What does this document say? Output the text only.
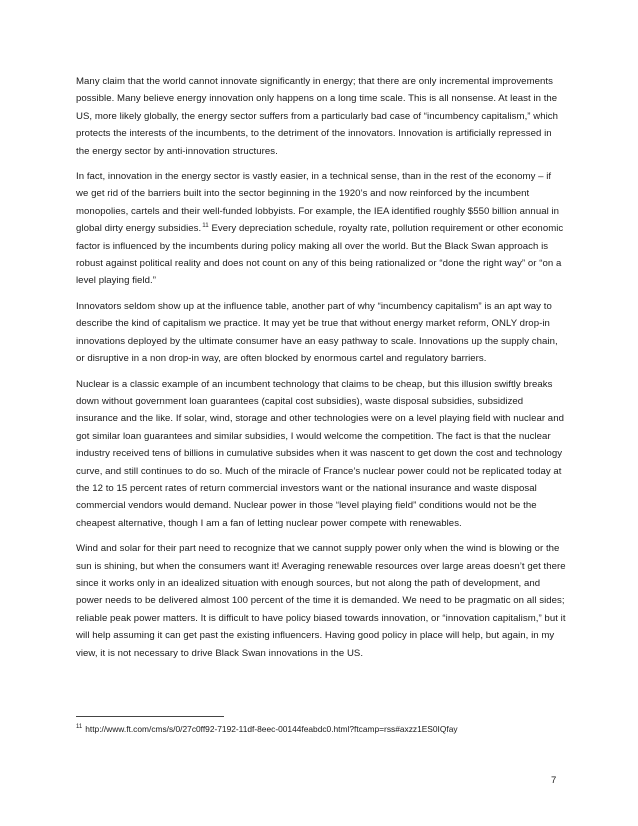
Many claim that the world cannot innovate significantly in energy; that there are only incremental improvements possible. Many believe energy innovation only happens on a long time scale. This is all nonsense. At least in the US, more likely globally, the energy sector suffers from a particularly bad case of “incumbency capitalism,” which protects the interests of the incumbents, to the detriment of the innovators. Innovation is artificially repressed in the energy sector by anti-innovation structures.

In fact, innovation in the energy sector is vastly easier, in a technical sense, than in the rest of the economy – if we get rid of the barriers built into the sector beginning in the 1920’s and now reinforced by the incumbent monopolies, cartels and their well-funded lobbyists. For example, the IEA identified roughly $550 billion annual in global dirty energy subsidies.$^{11}$ Every depreciation schedule, royalty rate, pollution requirement or other economic factor is influenced by the incumbents during policy making all over the world. But the Black Swan approach is robust against political reality and does not count on any of this being rationalized or “done the right way” or “on a level playing field.”

Innovators seldom show up at the influence table, another part of why “incumbency capitalism” is an apt way to describe the kind of capitalism we practice. It may yet be true that without energy market reform, ONLY drop-in innovations deployed by the ultimate consumer have an easy pathway to scale. Innovations up the supply chain, or disruptive in a non drop-in way, are often blocked by enormous cartel and regulatory barriers.

Nuclear is a classic example of an incumbent technology that claims to be cheap, but this illusion swiftly breaks down without government loan guarantees (capital cost subsidies), waste disposal subsidies, subsidized insurance and the like. If solar, wind, storage and other technologies were on a level playing field with nuclear and got similar loan guarantees and similar subsidies, I would welcome the competition. The fact is that the nuclear industry received tens of billions in cumulative subsides when it was nascent to get down the cost and technology curve, and still continues to do so. Much of the miracle of France’s nuclear power could not be replicated today at the 12 to 15 percent rates of return commercial investors want or the national insurance and waste disposal commercial vendors would demand. Nuclear power in those “level playing field” conditions would not be the cheapest alternative, though I am a fan of letting nuclear power compete with renewables.

Wind and solar for their part need to recognize that we cannot supply power only when the wind is blowing or the sun is shining, but when the consumers want it! Averaging renewable resources over large areas doesn’t get there since it works only in an idealized situation with enough sources, but not along the path of development, and power needs to be delivered almost 100 percent of the time it is demanded. We need to be pragmatic on all sides; reliable peak power matters. It is difficult to have policy biased towards innovation, or “innovation capitalism,” but it will help assuming it can get past the existing influencers. Having good policy in place will help, but again, in my view, it is not necessary to drive Black Swan innovations in the US.

$^{11}$ http://www.ft.com/cms/s/0/27c0ff92-7192-11df-8eec-00144feabdc0.html?ftcamp=rss#axzz1ES0IQfay
7
